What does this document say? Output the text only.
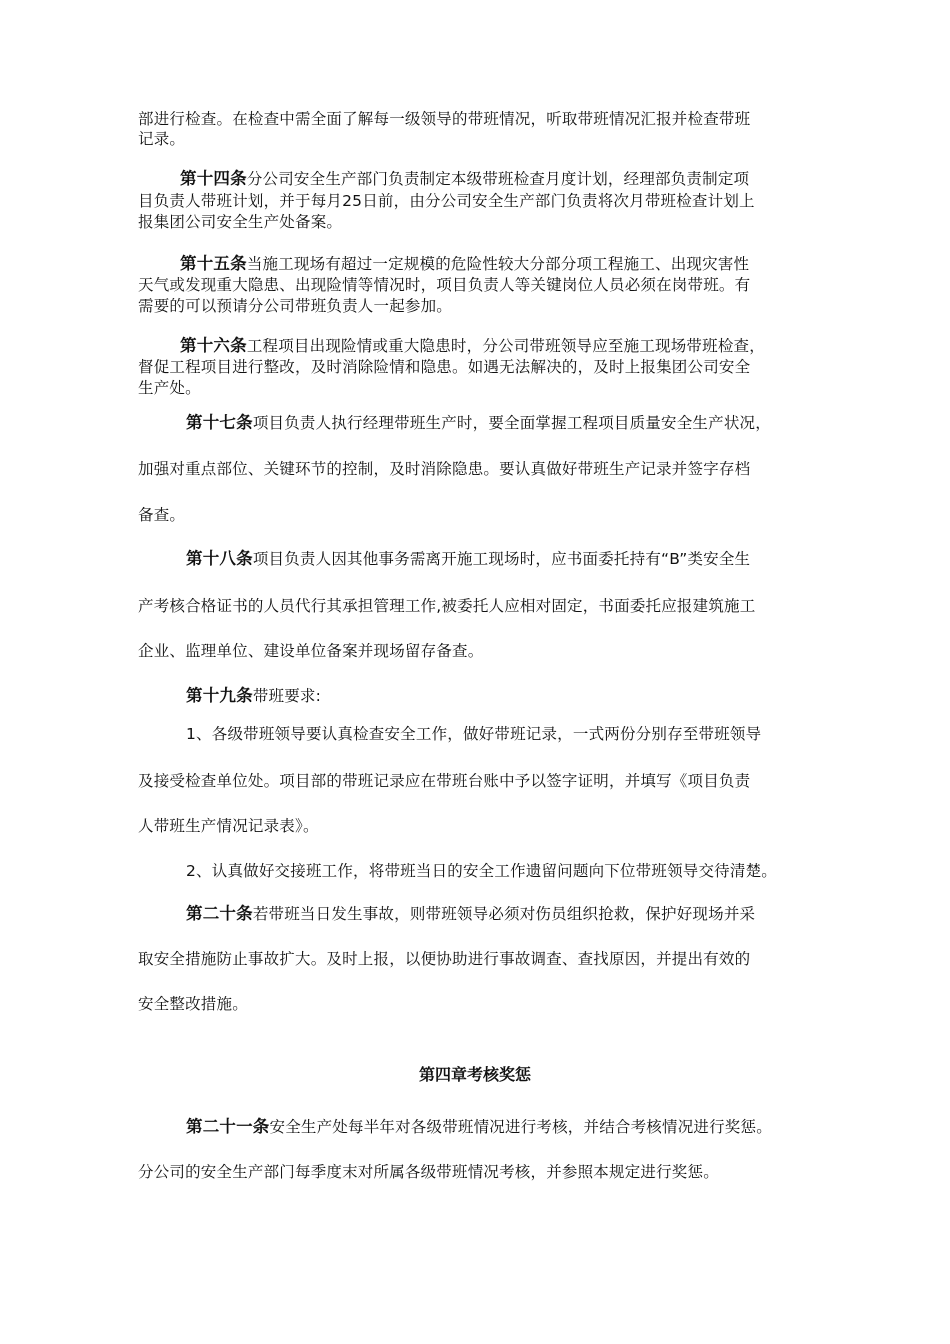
部进行检查。在检查中需全面了解每一级领导的带班情况，听取带班情况汇报并检查带班
记录。
第十四条分公司安全生产部门负责制定本级带班检查月度计划，经理部负责制定项
目负责人带班计划，并于每月25日前，由分公司安全生产部门负责将次月带班检查计划上
报集团公司安全生产处备案。
第十五条当施工现场有超过一定规模的危险性较大分部分项工程施工、出现灾害性
天气或发现重大隐患、出现险情等情况时，项目负责人等关键岗位人员必须在岗带班。有
需要的可以预请分公司带班负责人一起参加。
第十六条工程项目出现险情或重大隐患时，分公司带班领导应至施工现场带班检查，
督促工程项目进行整改，及时消除险情和隐患。如遇无法解决的，及时上报集团公司安全
生产处。
第十七条项目负责人执行经理带班生产时，要全面掌握工程项目质量安全生产状况，
加强对重点部位、关键环节的控制，及时消除隐患。要认真做好带班生产记录并签字存档
备查。
第十八条项目负责人因其他事务需离开施工现场时，应书面委托持有“B”类安全生
产考核合格证书的人员代行其承担管理工作,被委托人应相对固定，书面委托应报建筑施工
企业、监理单位、建设单位备案并现场留存备查。
第十九条带班要求:
1、各级带班领导要认真检查安全工作，做好带班记录，一式两份分别存至带班领导
及接受检查单位处。项目部的带班记录应在带班台账中予以签字证明，并填写《项目负责
人带班生产情况记录表》。
2、认真做好交接班工作，将带班当日的安全工作遗留问题向下位带班领导交待清楚。
第二十条若带班当日发生事故，则带班领导必须对伤员组织抢救，保护好现场并采
取安全措施防止事故扩大。及时上报，以便协助进行事故调查、查找原因，并提出有效的
安全整改措施。
第四章考核奖惩
第二十一条安全生产处每半年对各级带班情况进行考核，并结合考核情况进行奖惩。
分公司的安全生产部门每季度末对所属各级带班情况考核，并参照本规定进行奖惩。
